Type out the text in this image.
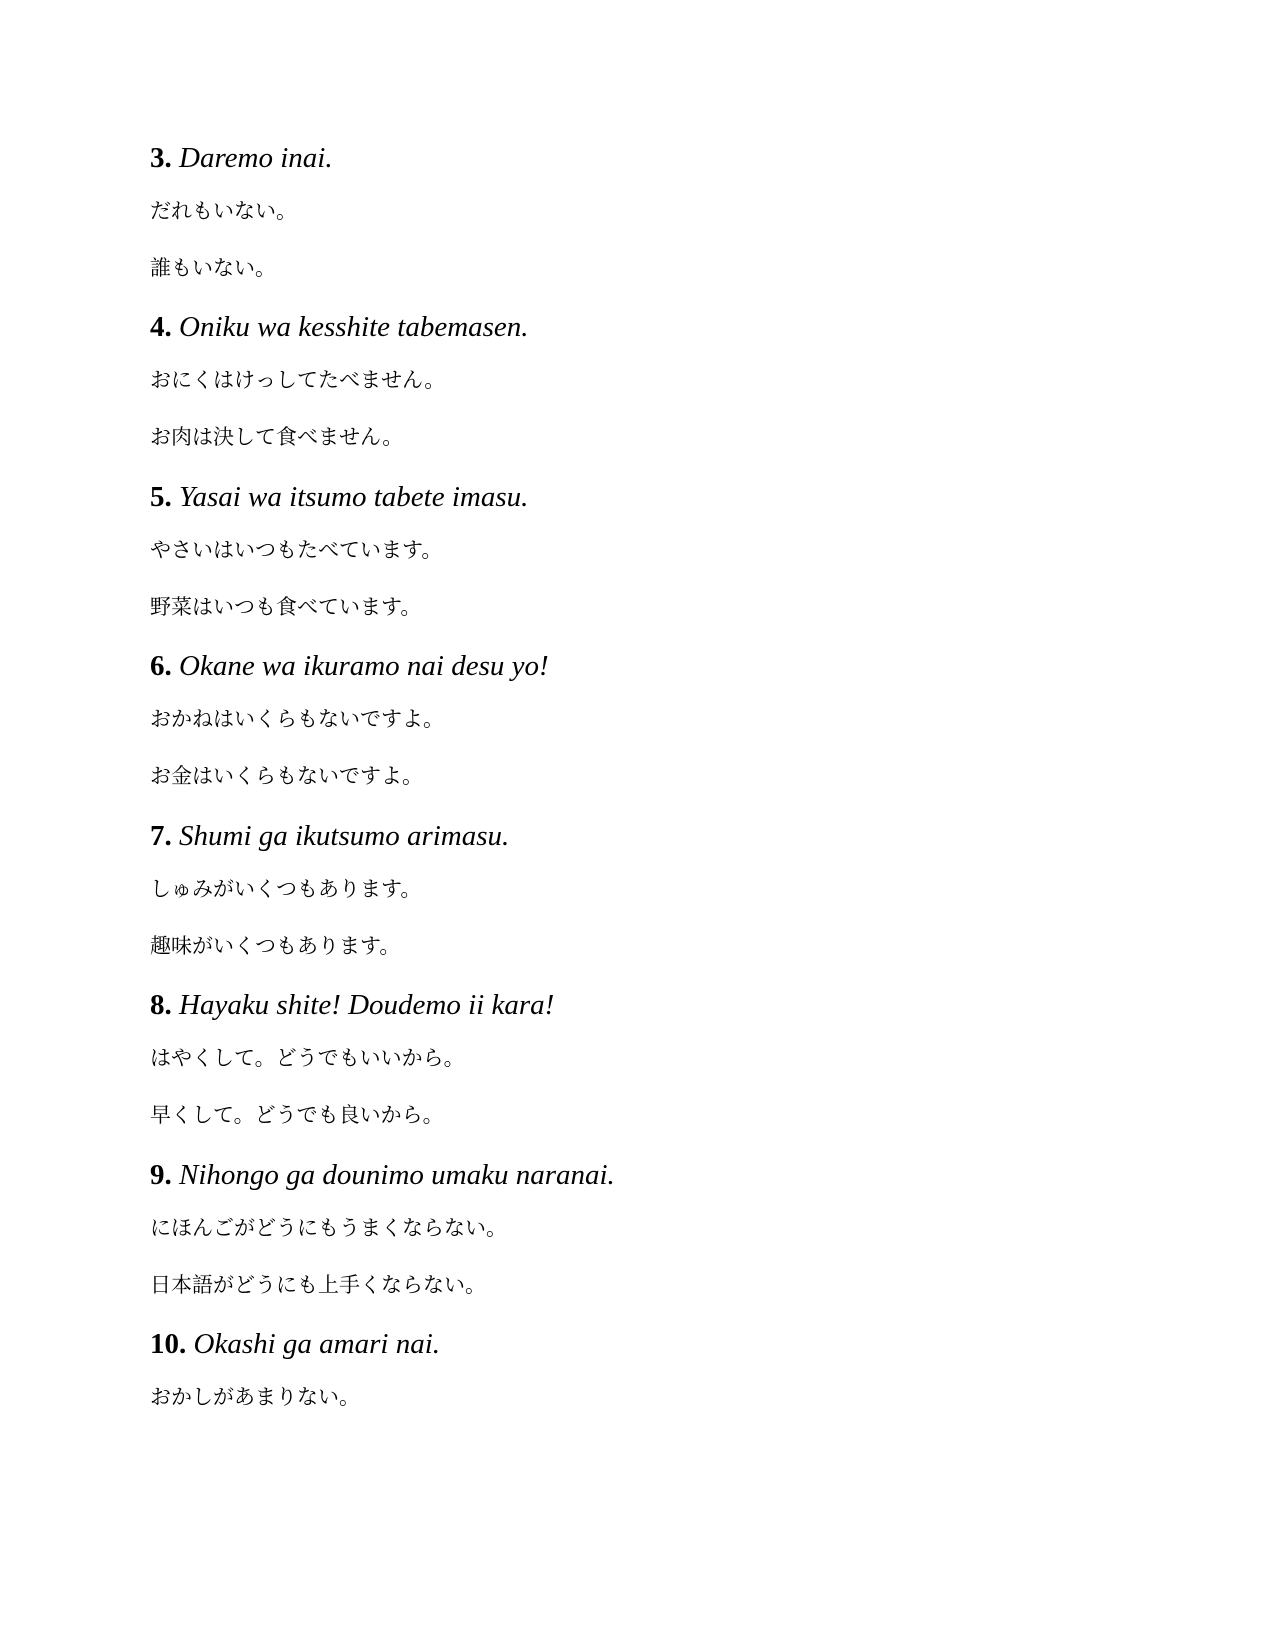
3. Daremo inai.
だれもいない。
誰もいない。
4. Oniku wa kesshite tabemasen.
おにくはけっしてたべません。
お肉は決して食べません。
5. Yasai wa itsumo tabete imasu.
やさいはいつもたべています。
野菜はいつも食べています。
6. Okane wa ikuramo nai desu yo!
おかねはいくらもないですよ。
お金はいくらもないですよ。
7. Shumi ga ikutsumo arimasu.
しゅみがいくつもあります。
趣味がいくつもあります。
8. Hayaku shite! Doudemo ii kara!
はやくして。どうでもいいから。
早くして。どうでも良いから。
9. Nihongo ga dounimo umaku naranai.
にほんごがどうにもうまくならない。
日本語がどうにも上手くならない。
10. Okashi ga amari nai.
おかしがあまりない。
